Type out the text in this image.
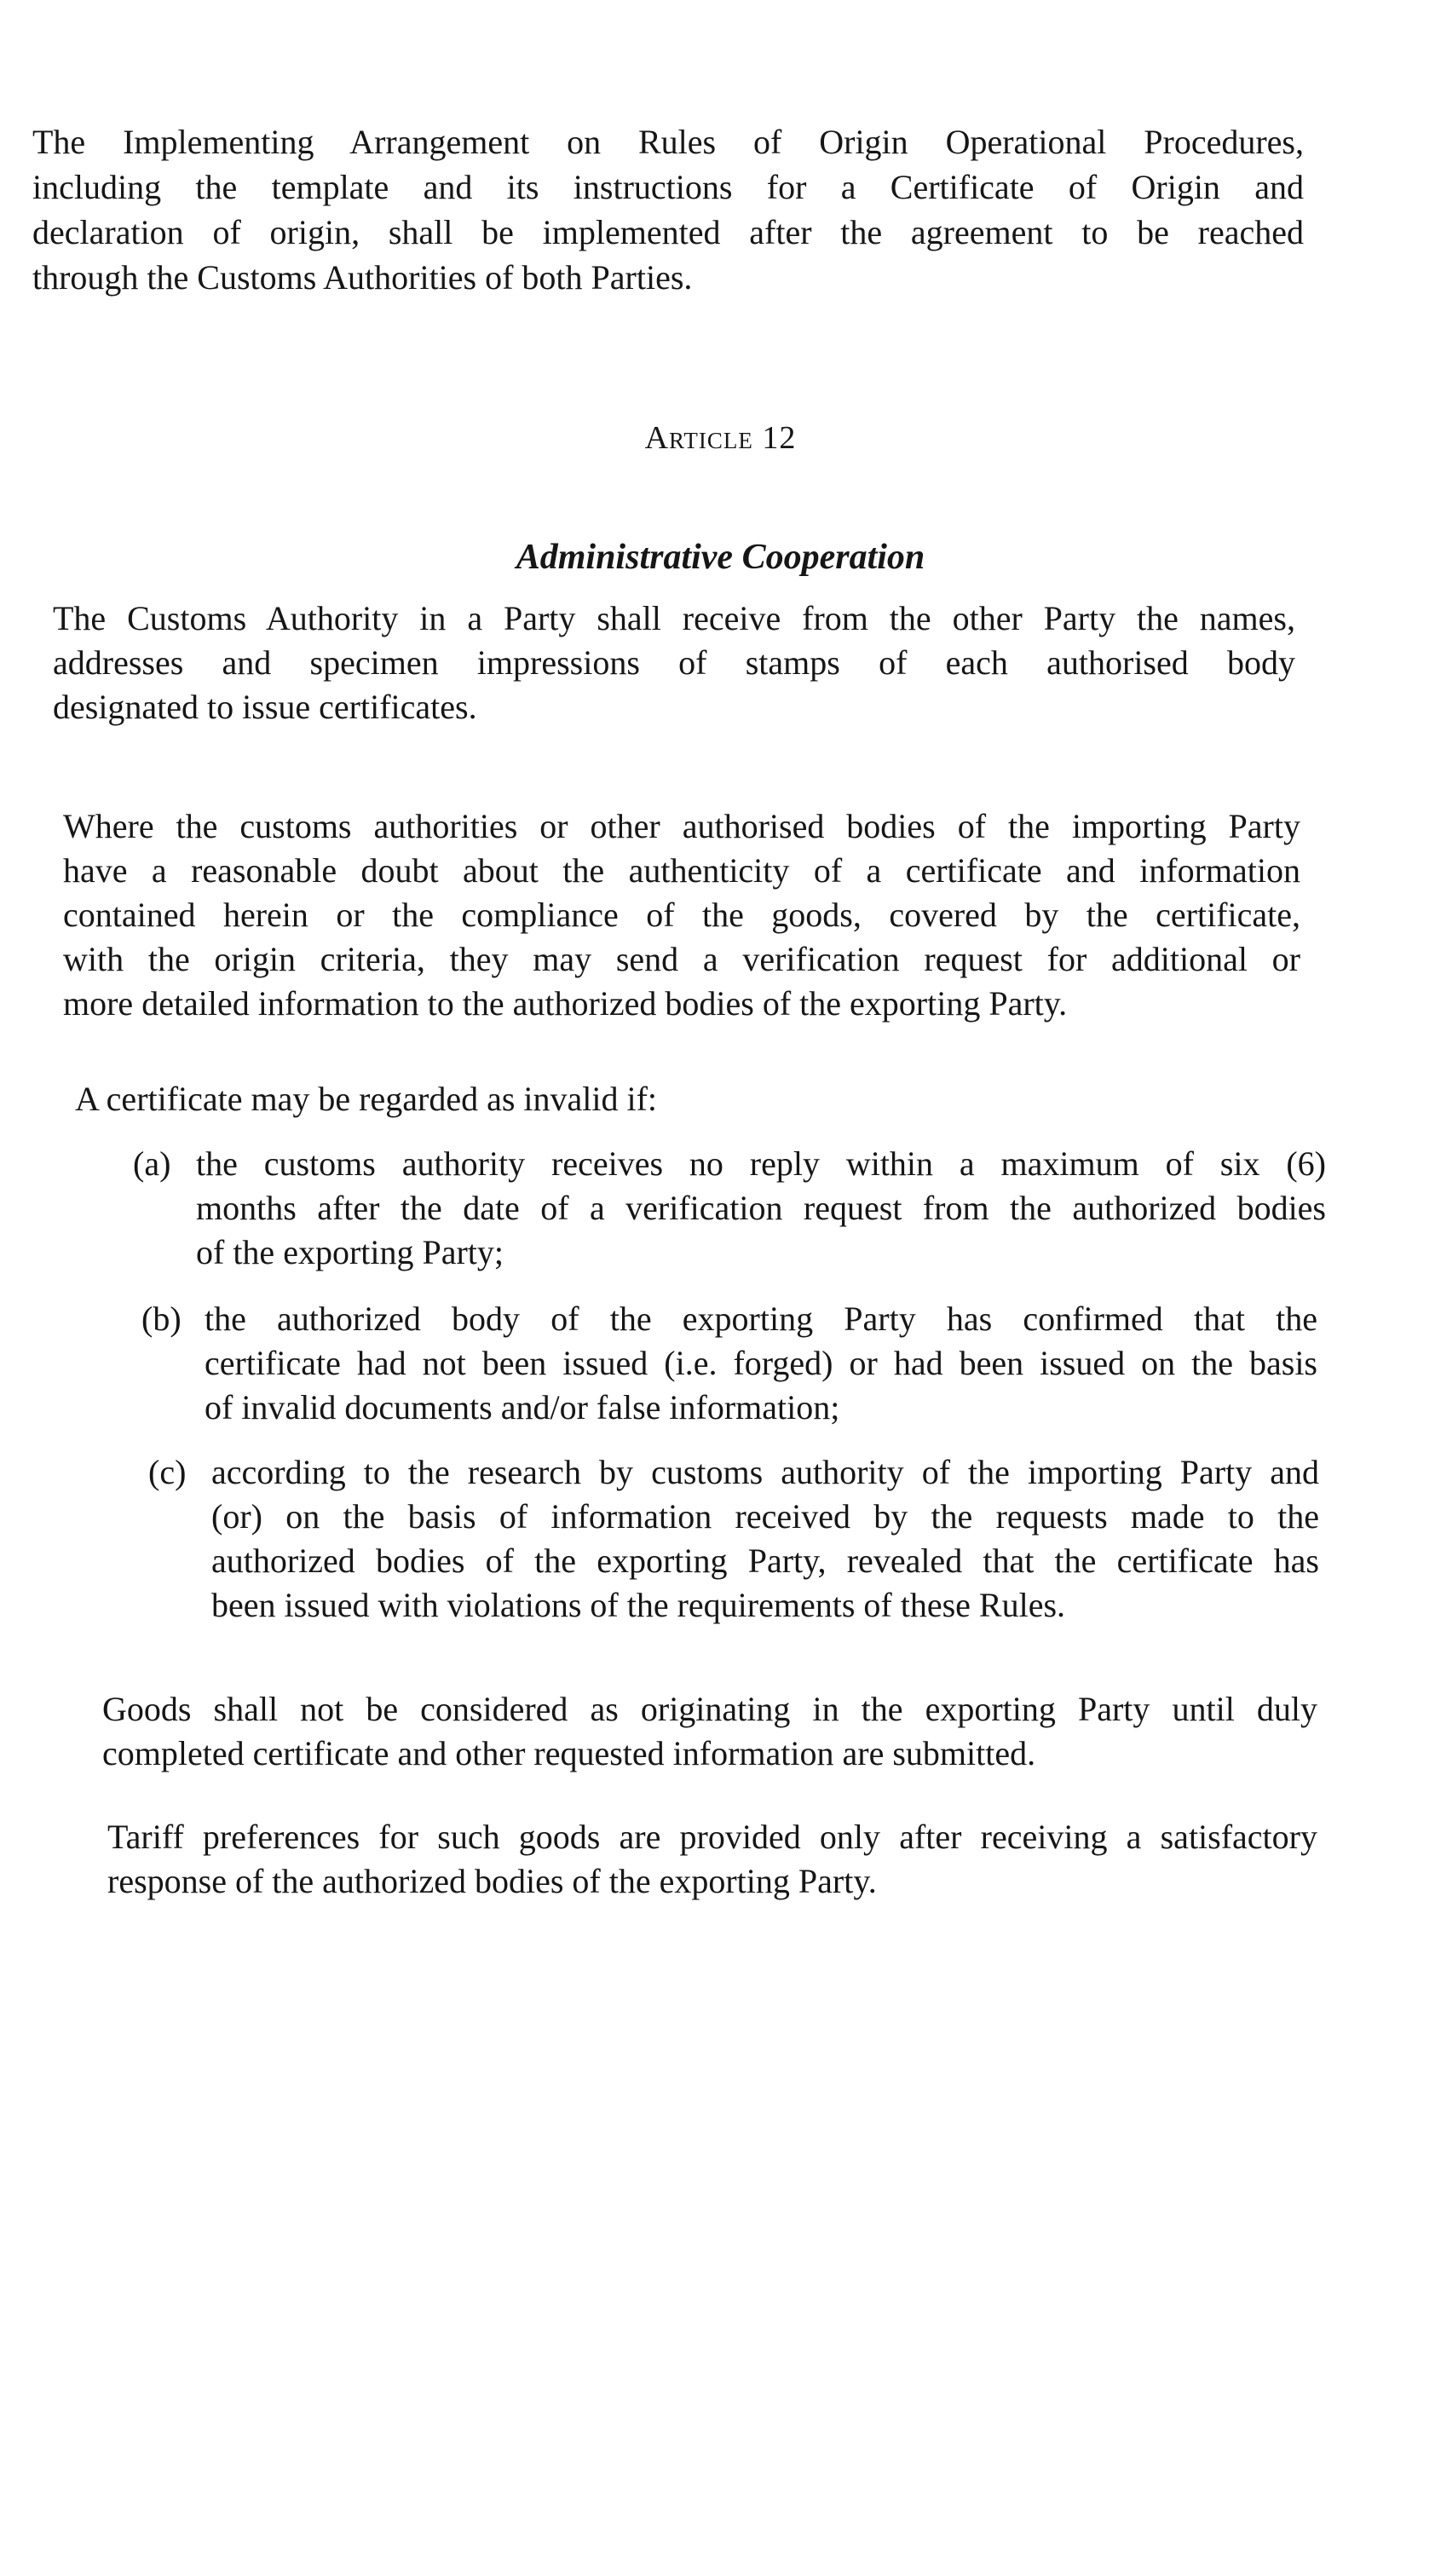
The Implementing Arrangement on Rules of Origin Operational Procedures,
including the template and its instructions for a Certificate of Origin and
declaration of origin, shall be implemented after the agreement to be reached
through the Customs Authorities of both Parties.
Article 12
Administrative Cooperation
The Customs Authority in a Party shall receive from the other Party the names,
addresses and specimen impressions of stamps of each authorised body
designated to issue certificates.
Where the customs authorities or other authorised bodies of the importing Party
have a reasonable doubt about the authenticity of a certificate and information
contained herein or the compliance of the goods, covered by the certificate,
with the origin criteria, they may send a verification request for additional or
more detailed information to the authorized bodies of the exporting Party.
A certificate may be regarded as invalid if:
(a) the customs authority receives no reply within a maximum of six (6)
months after the date of a verification request from the authorized bodies
of the exporting Party;
(b) the authorized body of the exporting Party has confirmed that the
certificate had not been issued (i.e. forged) or had been issued on the basis
of invalid documents and/or false information;
(c) according to the research by customs authority of the importing Party and
(or) on the basis of information received by the requests made to the
authorized bodies of the exporting Party, revealed that the certificate has
been issued with violations of the requirements of these Rules.
Goods shall not be considered as originating in the exporting Party until duly
completed certificate and other requested information are submitted.
Tariff preferences for such goods are provided only after receiving a satisfactory
response of the authorized bodies of the exporting Party.
